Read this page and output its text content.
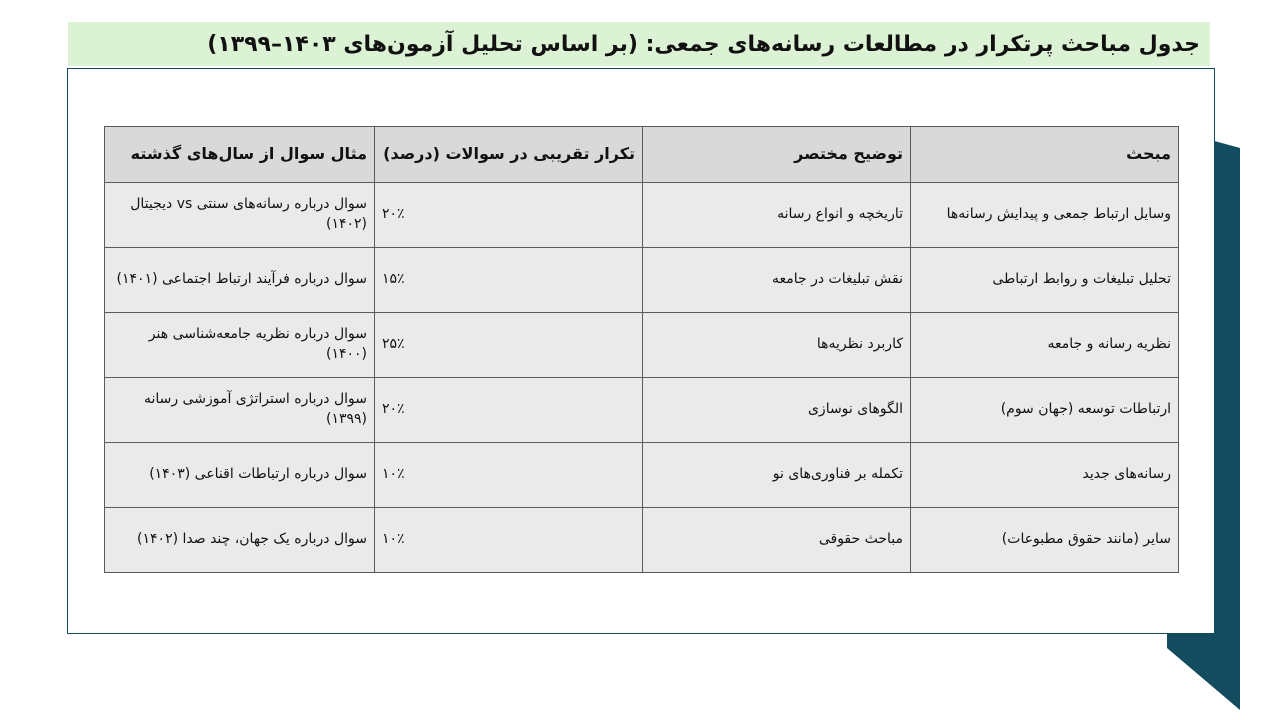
جدول مباحث پرتکرار در مطالعات رسانه‌های جمعی: (بر اساس تحلیل آزمون‌های ۱۴۰۳–۱۳۹۹)
مبحث	توضیح مختصر	تکرار تقریبی در سوالات (درصد)	مثال سوال از سال‌های گذشته
وسایل ارتباط جمعی و پیدایش رسانه‌ها	تاریخچه و انواع رسانه	۲۰٪	سوال درباره رسانه‌های سنتی vs دیجیتال (۱۴۰۲)
تحلیل تبلیغات و روابط ارتباطی	نقش تبلیغات در جامعه	۱۵٪	سوال درباره فرآیند ارتباط اجتماعی (۱۴۰۱)
نظریه رسانه و جامعه	کاربرد نظریه‌ها	۲۵٪	سوال درباره نظریه جامعه‌شناسی هنر (۱۴۰۰)
ارتباطات توسعه (جهان سوم)	الگوهای نوسازی	۲۰٪	سوال درباره استراتژی آموزشی رسانه (۱۳۹۹)
رسانه‌های جدید	تکمله بر فناوری‌های نو	۱۰٪	سوال درباره ارتباطات اقناعی (۱۴۰۳)
سایر (مانند حقوق مطبوعات)	مباحث حقوقی	۱۰٪	سوال درباره یک جهان، چند صدا (۱۴۰۲)
